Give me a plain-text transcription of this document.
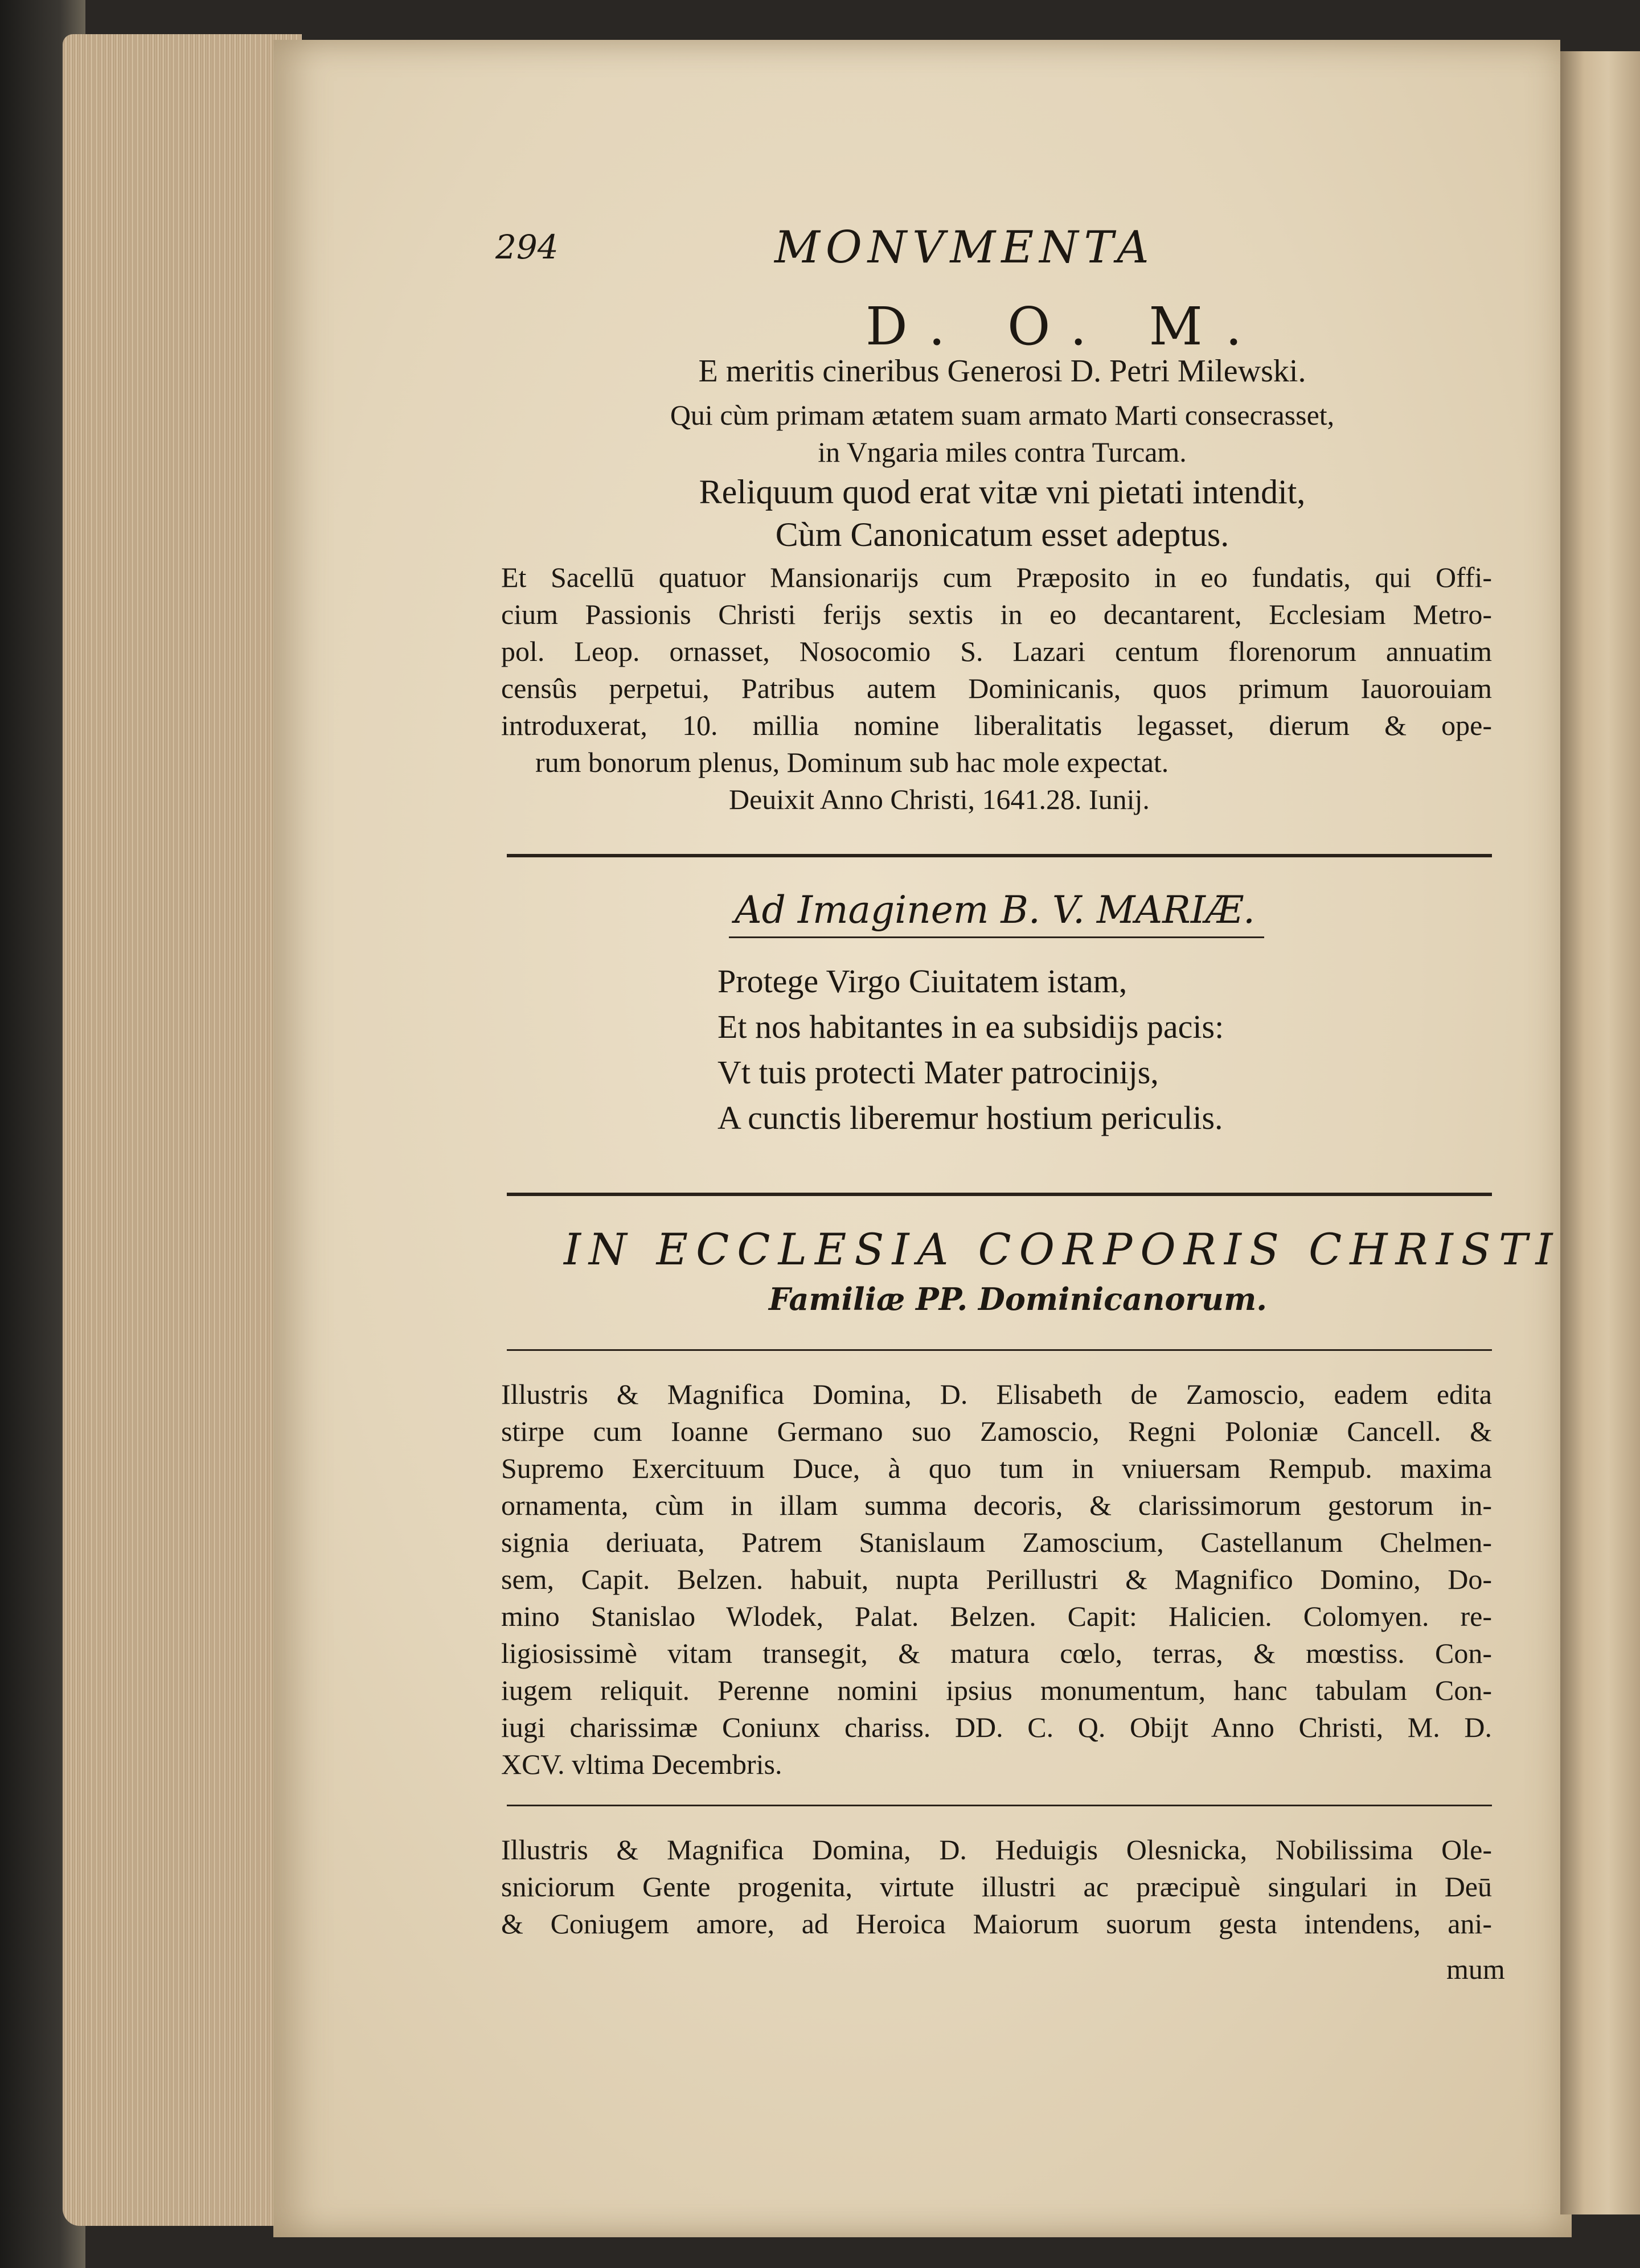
294	MONVMENTA
D. O. M.
E meritis cineribus Generosi D. Petri Milewski.
Qui cùm primam ætatem suam armato Marti consecrasset,
in Vngaria miles contra Turcam.
Reliquum quod erat vitæ vni pietati intendit,
Cùm Canonicatum esset adeptus.
Et Sacellū quatuor Mansionarijs cum Præposito in eo fundatis, qui Offi-
cium Passionis Christi ferijs sextis in eo decantarent, Ecclesiam Metro-
pol. Leop. ornasset, Nosocomio S. Lazari centum florenorum annuatim
censûs perpetui, Patribus autem Dominicanis, quos primum Iauorouiam
introduxerat, 10. millia nomine liberalitatis legasset, dierum & ope-
rum bonorum plenus, Dominum sub hac mole expectat.
Deuixit Anno Christi, 1641.28. Iunij.
Ad Imaginem B. V. MARIÆ.
Protege Virgo Ciuitatem istam,
Et nos habitantes in ea subsidijs pacis:
Vt tuis protecti Mater patrocinijs,
A cunctis liberemur hostium periculis.
IN ECCLESIA CORPORIS CHRISTI
Familiæ PP. Dominicanorum.
Illustris & Magnifica Domina, D. Elisabeth de Zamoscio, eadem edita
stirpe cum Ioanne Germano suo Zamoscio, Regni Poloniæ Cancell. &
Supremo Exercituum Duce, à quo tum in vniuersam Rempub. maxima
ornamenta, cùm in illam summa decoris, & clarissimorum gestorum in-
signia deriuata, Patrem Stanislaum Zamoscium, Castellanum Chelmen-
sem, Capit. Belzen. habuit, nupta Perillustri & Magnifico Domino, Do-
mino Stanislao Wlodek, Palat. Belzen. Capit: Halicien. Colomyen. re-
ligiosissimè vitam transegit, & matura cœlo, terras, & mœstiss. Con-
iugem reliquit. Perenne nomini ipsius monumentum, hanc tabulam Con-
iugi charissimæ Coniunx chariss. DD. C. Q. Obijt Anno Christi, M. D.
XCV. vltima Decembris.
Illustris & Magnifica Domina, D. Heduigis Olesnicka, Nobilissima Ole-
sniciorum Gente progenita, virtute illustri ac præcipuè singulari in Deū
& Coniugem amore, ad Heroica Maiorum suorum gesta intendens, ani-
mum
